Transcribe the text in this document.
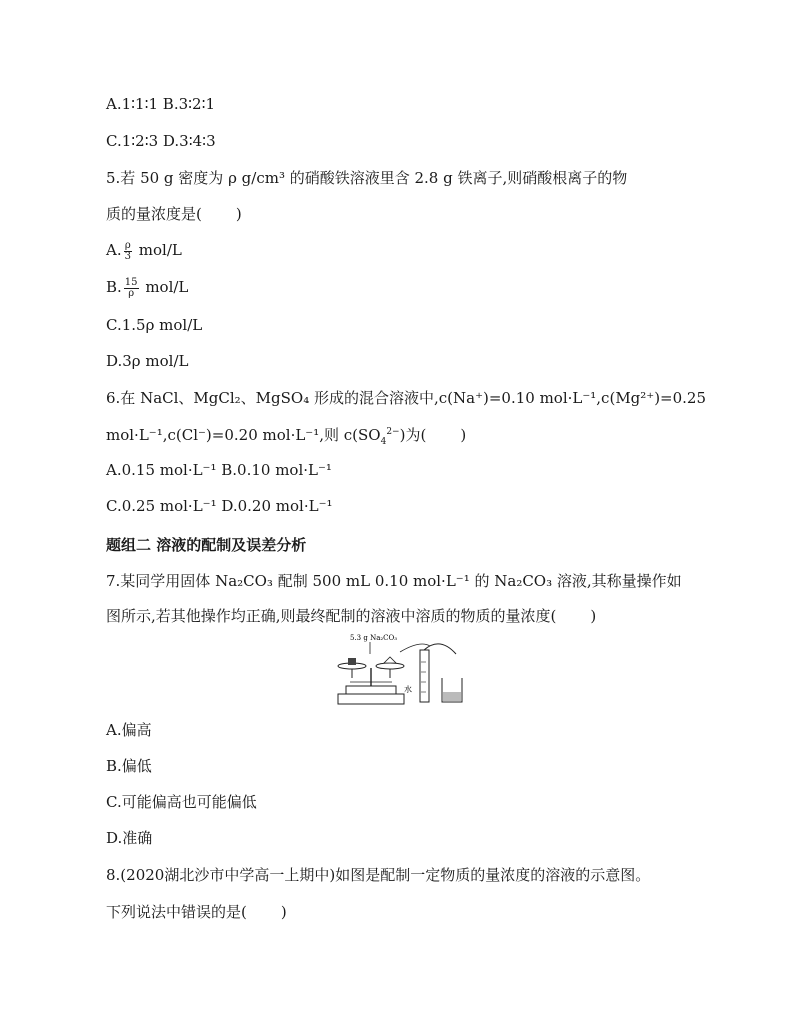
A.1∶1∶1 B.3∶2∶1
C.1∶2∶3 D.3∶4∶3
5.若 50 g 密度为 ρ g/cm³ 的硝酸铁溶液里含 2.8 g 铁离子,则硝酸根离子的物
质的量浓度是( )
A. $\frac{\rho}{3} mol/L$
B. $\frac{15}{\rho} mol/L$
C.1.5ρ mol/L
D.3ρ mol/L
6.在 NaCl、MgCl₂、MgSO₄ 形成的混合溶液中,c(Na⁺)=0.10 mol·L⁻¹,c(Mg²⁺)=0.25
mol·L⁻¹,c(Cl⁻)=0.20 mol·L⁻¹,则 $c(SO_4^{2-})$为( )
A.0.15 mol·L⁻¹ B.0.10 mol·L⁻¹
C.0.25 mol·L⁻¹ D.0.20 mol·L⁻¹
题组二 溶液的配制及误差分析
7.某同学用固体 Na₂CO₃ 配制 500 mL 0.10 mol·L⁻¹ 的 Na₂CO₃ 溶液,其称量操作如
图所示,若其他操作均正确,则最终配制的溶液中溶质的物质的量浓度( )
5.3 g Na₂CO₃
水
A.偏高
B.偏低
C.可能偏高也可能偏低
D.准确
8.(2020湖北沙市中学高一上期中)如图是配制一定物质的量浓度的溶液的示意图。
下列说法中错误的是( )
